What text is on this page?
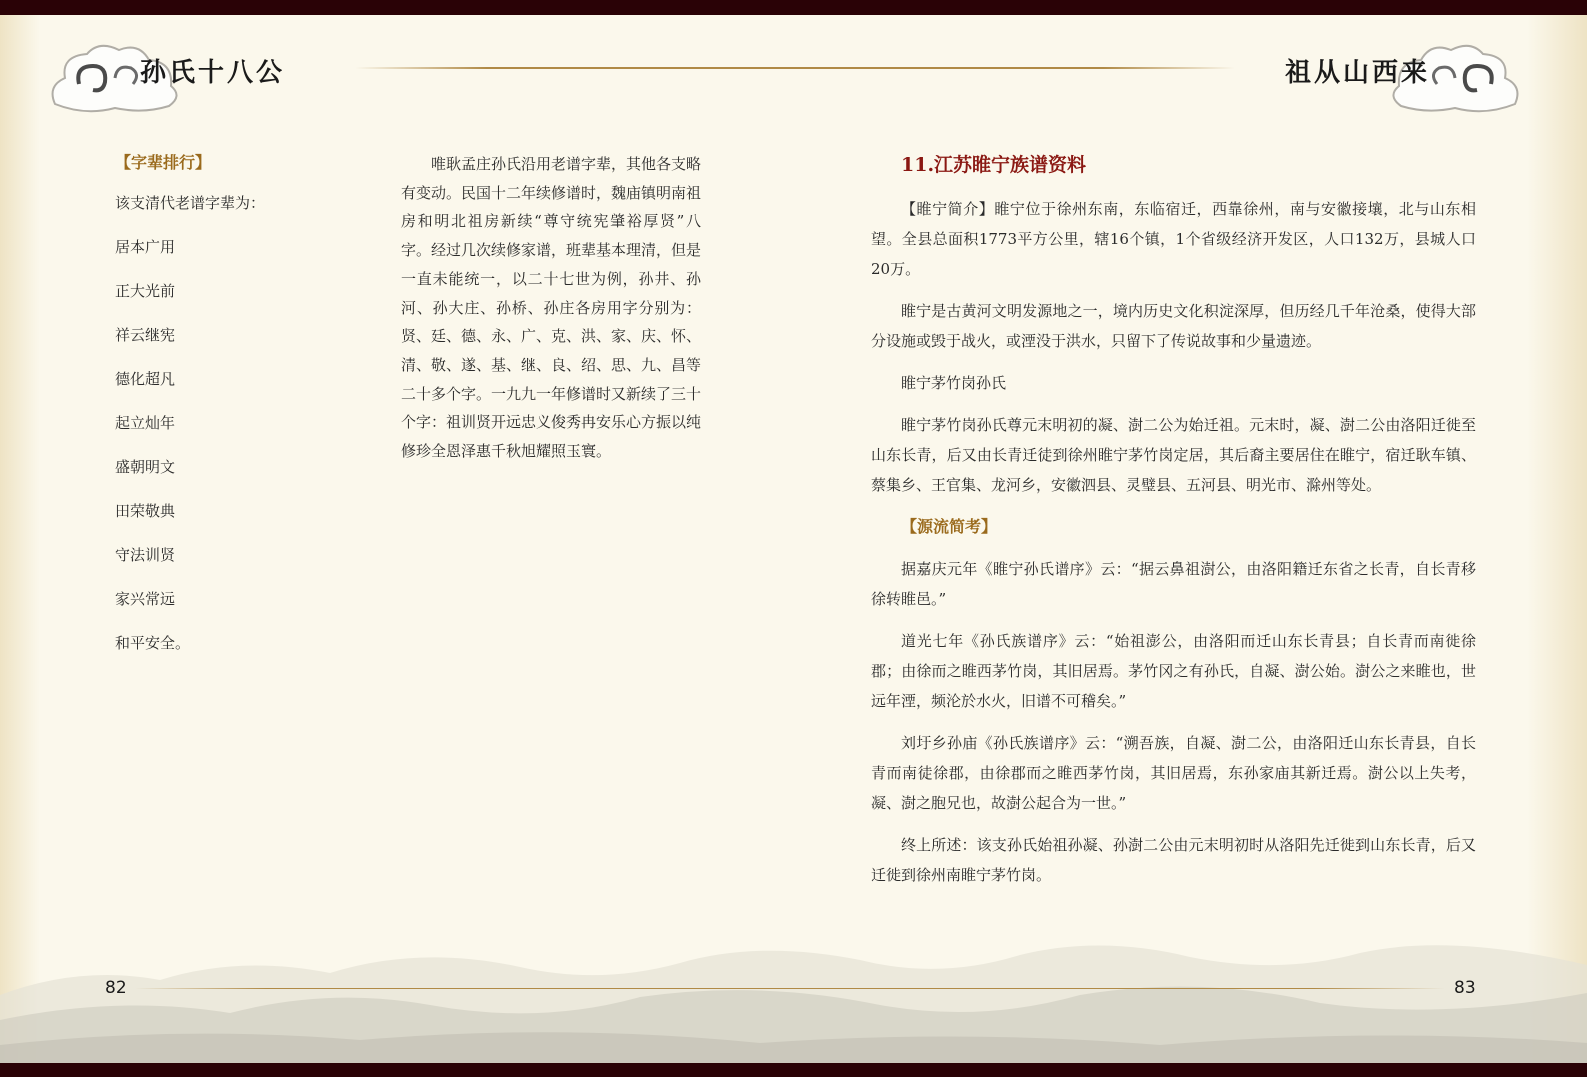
孙氏十八公	祖从山西来

【字辈排行】

该支清代老谱字辈为：

居本广用

正大光前

祥云继宪

德化超凡

起立灿年

盛朝明文

田荣敬典

守法训贤

家兴常远

和平安全。

唯耿孟庄孙氏沿用老谱字辈，其他各支略有变动。民国十二年续修谱时，魏庙镇明南祖房和明北祖房新续“尊守统宪肇裕厚贤”八字。经过几次续修家谱，班辈基本理清，但是一直未能统一，以二十七世为例，孙井、孙河、孙大庄、孙桥、孙庄各房用字分别为：贤、廷、德、永、广、克、洪、家、庆、怀、清、敬、遂、基、继、良、绍、思、九、昌等二十多个字。一九九一年修谱时又新续了三十个字：祖训贤开远忠义俊秀冉安乐心方振以纯修珍全恩泽惠千秋旭耀照玉寰。

11.江苏睢宁族谱资料

【睢宁简介】睢宁位于徐州东南，东临宿迁，西靠徐州，南与安徽接壤，北与山东相望。全县总面积1773平方公里，辖16个镇，1个省级经济开发区，人口132万，县城人口20万。

睢宁是古黄河文明发源地之一，境内历史文化积淀深厚，但历经几千年沧桑，使得大部分设施或毁于战火，或湮没于洪水，只留下了传说故事和少量遗迹。

睢宁茅竹岗孙氏

睢宁茅竹岗孙氏尊元末明初的凝、澍二公为始迁祖。元末时，凝、澍二公由洛阳迁徙至山东长青，后又由长青迁徒到徐州睢宁茅竹岗定居，其后裔主要居住在睢宁，宿迁耿车镇、蔡集乡、王官集、龙河乡，安徽泗县、灵璧县、五河县、明光市、滁州等处。

【源流简考】

据嘉庆元年《睢宁孙氏谱序》云：“据云鼻祖澍公，由洛阳籍迁东省之长青，自长青移徐转睢邑。”

道光七年《孙氏族谱序》云：“始祖澎公，由洛阳而迁山东长青县；自长青而南徙徐郡；由徐而之睢西茅竹岗，其旧居焉。茅竹冈之有孙氏，自凝、澍公始。澍公之来睢也，世远年湮，频沦於水火，旧谱不可稽矣。”

刘圩乡孙庙《孙氏族谱序》云：“溯吾族，自凝、澍二公，由洛阳迁山东长青县，自长青而南徒徐郡，由徐郡而之睢西茅竹岗，其旧居焉，东孙家庙其新迁焉。澍公以上失考，凝、澍之胞兄也，故澍公起合为一世。”

终上所述：该支孙氏始祖孙凝、孙澍二公由元末明初时从洛阳先迁徙到山东长青，后又迁徙到徐州南睢宁茅竹岗。

82	83
